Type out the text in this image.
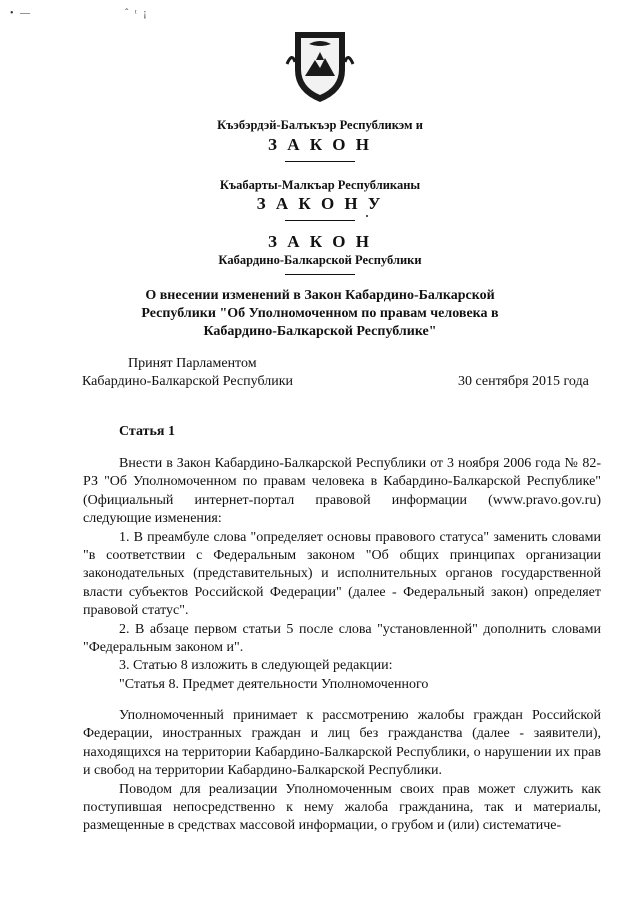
• —	ˆ ᵗ ¡
Къэбэрдэй-Балъкъэр Республикэм и
З А К О Н
Къабарты-Малкъар Республиканы
З А К О Н У
З А К О Н
Кабардино-Балкарской Республики
О внесении изменений в Закон Кабардино-Балкарской
Республики "Об Уполномоченном по правам человека в
Кабардино-Балкарской Республике"
Принят Парламентом
Кабардино-Балкарской Республики	30 сентября 2015 года
Статья 1

Внести в Закон Кабардино-Балкарской Республики от 3 ноября 2006 года № 82-РЗ "Об Уполномоченном по правам человека в Кабардино-Балкарской Республике" (Официальный интернет-портал правовой информации (www.pravo.gov.ru) следующие изменения:

1. В преамбуле слова "определяет основы правового статуса" заменить словами "в соответствии с Федеральным законом "Об общих принципах организации законодательных (представительных) и исполнительных органов государственной власти субъектов Российской Федерации" (далее - Федеральный закон) определяет правовой статус".

2. В абзаце первом статьи 5 после слова "установленной" дополнить словами "Федеральным законом и".

3. Статью 8 изложить в следующей редакции:

"Статья 8. Предмет деятельности Уполномоченного

Уполномоченный принимает к рассмотрению жалобы граждан Российской Федерации, иностранных граждан и лиц без гражданства (далее - заявители), находящихся на территории Кабардино-Балкарской Республики, о нарушении их прав и свобод на территории Кабардино-Балкарской Республики.

Поводом для реализации Уполномоченным своих прав может служить как поступившая непосредственно к нему жалоба гражданина, так и материалы, размещенные в средствах массовой информации, о грубом и (или) систематиче-
